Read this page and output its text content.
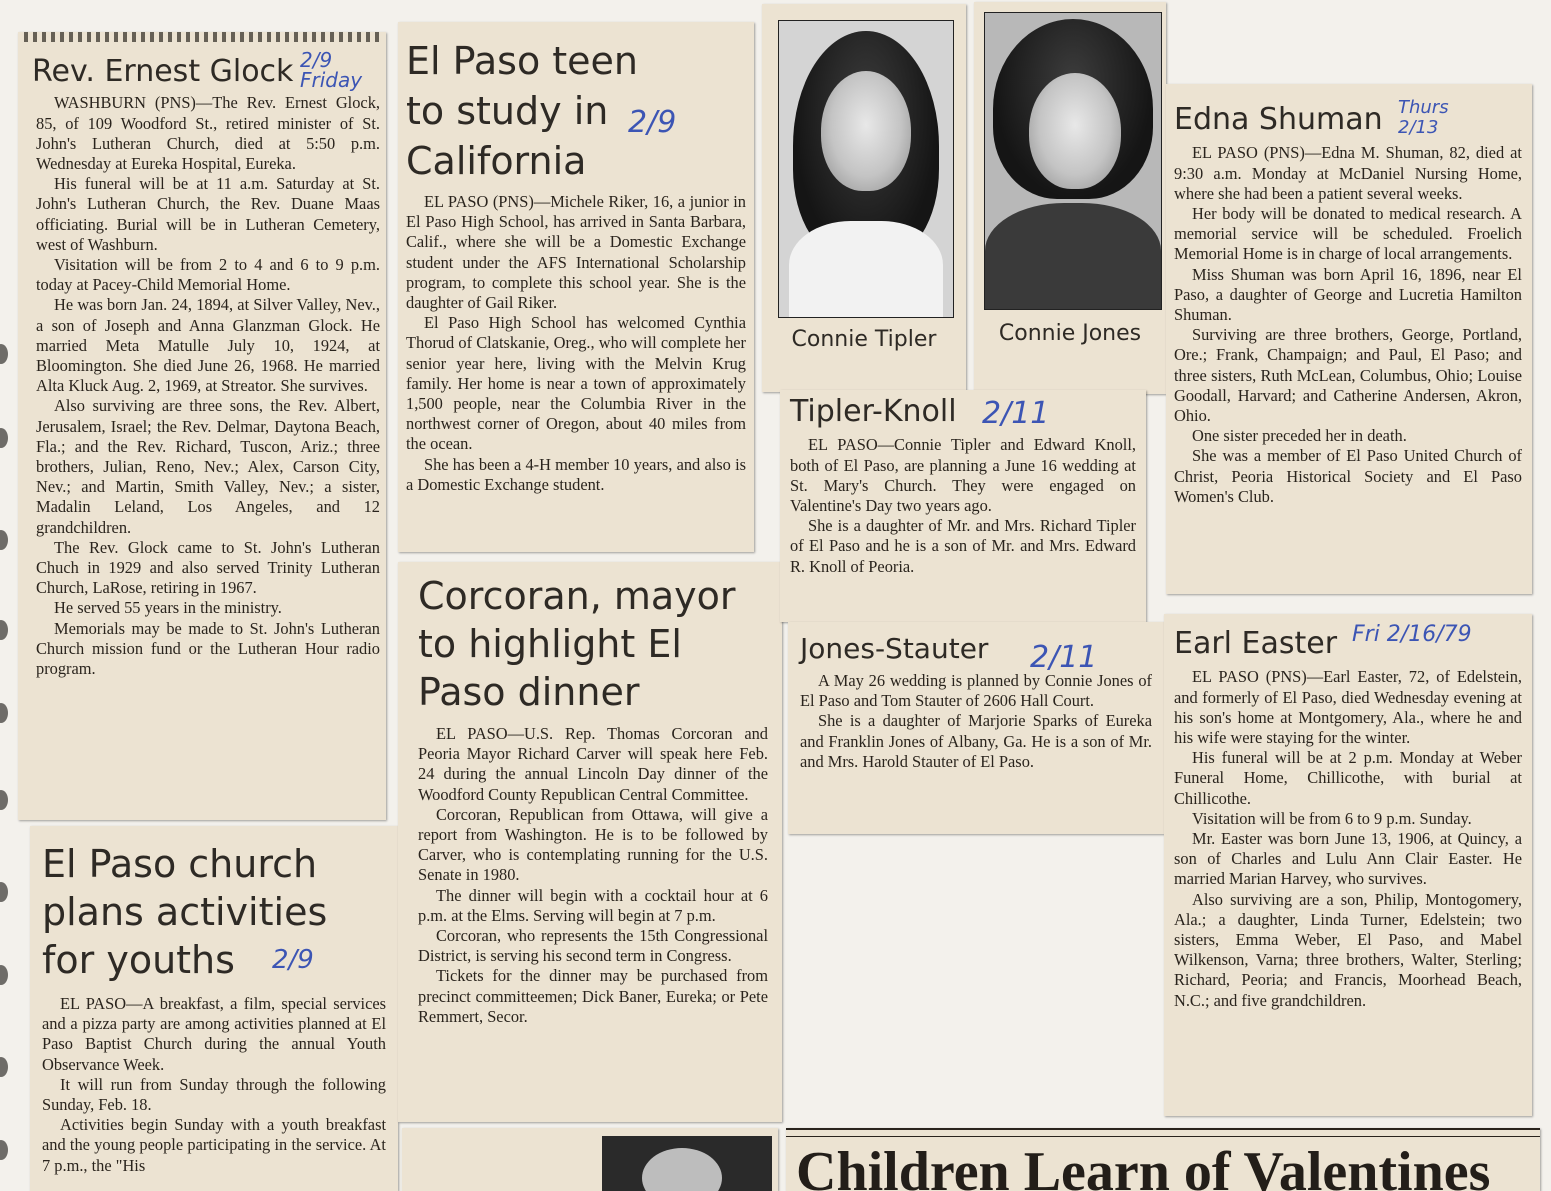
Rev. Ernest Glock

WASHBURN (PNS)—The Rev. Ernest Glock, 85, of 109 Woodford St., retired minister of St. John's Lutheran Church, died at 5:50 p.m. Wednesday at Eureka Hospital, Eureka.

His funeral will be at 11 a.m. Saturday at St. John's Lutheran Church, the Rev. Duane Maas officiating. Burial will be in Lutheran Cemetery, west of Washburn.

Visitation will be from 2 to 4 and 6 to 9 p.m. today at Pacey-Child Memorial Home.

He was born Jan. 24, 1894, at Silver Valley, Nev., a son of Joseph and Anna Glanzman Glock. He married Meta Matulle July 10, 1924, at Bloomington. She died June 26, 1968. He married Alta Kluck Aug. 2, 1969, at Streator. She survives.

Also surviving are three sons, the Rev. Albert, Jerusalem, Israel; the Rev. Delmar, Daytona Beach, Fla.; and the Rev. Richard, Tuscon, Ariz.; three brothers, Julian, Reno, Nev.; Alex, Carson City, Nev.; and Martin, Smith Valley, Nev.; a sister, Madalin Leland, Los Angeles, and 12 grandchildren.

The Rev. Glock came to St. John's Lutheran Chuch in 1929 and also served Trinity Lutheran Church, LaRose, retiring in 1967.

He served 55 years in the ministry.

Memorials may be made to St. John's Lutheran Church mission fund or the Lutheran Hour radio program.

2/9 Friday
El Paso church plans activities for youths

EL PASO—A breakfast, a film, special services and a pizza party are among activities planned at El Paso Baptist Church during the annual Youth Observance Week.

It will run from Sunday through the following Sunday, Feb. 18.

Activities begin Sunday with a youth breakfast and the young people participating in the service. At 7 p.m., the "His

2/9
El Paso teen to study in California

EL PASO (PNS)—Michele Riker, 16, a junior in El Paso High School, has arrived in Santa Barbara, Calif., where she will be a Domestic Exchange student under the AFS International Scholarship program, to complete this school year. She is the daughter of Gail Riker.

El Paso High School has welcomed Cynthia Thorud of Clatskanie, Oreg., who will complete her senior year here, living with the Melvin Krug family. Her home is near a town of approximately 1,500 people, near the Columbia River in the northwest corner of Oregon, about 40 miles from the ocean.

She has been a 4-H member 10 years, and also is a Domestic Exchange student.

2/9
Corcoran, mayor to highlight El Paso dinner

EL PASO—U.S. Rep. Thomas Corcoran and Peoria Mayor Richard Carver will speak here Feb. 24 during the annual Lincoln Day dinner of the Woodford County Republican Central Committee.

Corcoran, Republican from Ottawa, will give a report from Washington. He is to be followed by Carver, who is contemplating running for the U.S. Senate in 1980.

The dinner will begin with a cocktail hour at 6 p.m. at the Elms. Serving will begin at 7 p.m.

Corcoran, who represents the 15th Congressional District, is serving his second term in Congress.

Tickets for the dinner may be purchased from precinct committeemen; Dick Baner, Eureka; or Pete Remmert, Secor.

Connie Tipler	Connie Jones
Tipler-Knoll

EL PASO—Connie Tipler and Edward Knoll, both of El Paso, are planning a June 16 wedding at St. Mary's Church. They were engaged on Valentine's Day two years ago.

She is a daughter of Mr. and Mrs. Richard Tipler of El Paso and he is a son of Mr. and Mrs. Edward R. Knoll of Peoria.

2/11
Jones-Stauter

A May 26 wedding is planned by Connie Jones of El Paso and Tom Stauter of 2606 Hall Court.

She is a daughter of Marjorie Sparks of Eureka and Franklin Jones of Albany, Ga. He is a son of Mr. and Mrs. Harold Stauter of El Paso.

2/11
Edna Shuman

EL PASO (PNS)—Edna M. Shuman, 82, died at 9:30 a.m. Monday at McDaniel Nursing Home, where she had been a patient several weeks.

Her body will be donated to medical research. A memorial service will be scheduled. Froelich Memorial Home is in charge of local arrangements.

Miss Shuman was born April 16, 1896, near El Paso, a daughter of George and Lucretia Hamilton Shuman.

Surviving are three brothers, George, Portland, Ore.; Frank, Champaign; and Paul, El Paso; and three sisters, Ruth McLean, Columbus, Ohio; Louise Goodall, Harvard; and Catherine Andersen, Akron, Ohio.

One sister preceded her in death.

She was a member of El Paso United Church of Christ, Peoria Historical Society and El Paso Women's Club.

Thurs 2/13
Earl Easter

EL PASO (PNS)—Earl Easter, 72, of Edelstein, and formerly of El Paso, died Wednesday evening at his son's home at Montgomery, Ala., where he and his wife were staying for the winter.

His funeral will be at 2 p.m. Monday at Weber Funeral Home, Chillicothe, with burial at Chillicothe.

Visitation will be from 6 to 9 p.m. Sunday.

Mr. Easter was born June 13, 1906, at Quincy, a son of Charles and Lulu Ann Clair Easter. He married Marian Harvey, who survives.

Also surviving are a son, Philip, Montogomery, Ala.; a daughter, Linda Turner, Edelstein; two sisters, Emma Weber, El Paso, and Mabel Wilkenson, Varna; three brothers, Walter, Sterling; Richard, Peoria; and Francis, Moorhead Beach, N.C.; and five grandchildren.

Fri 2/16/79
Children Learn of Valentines
